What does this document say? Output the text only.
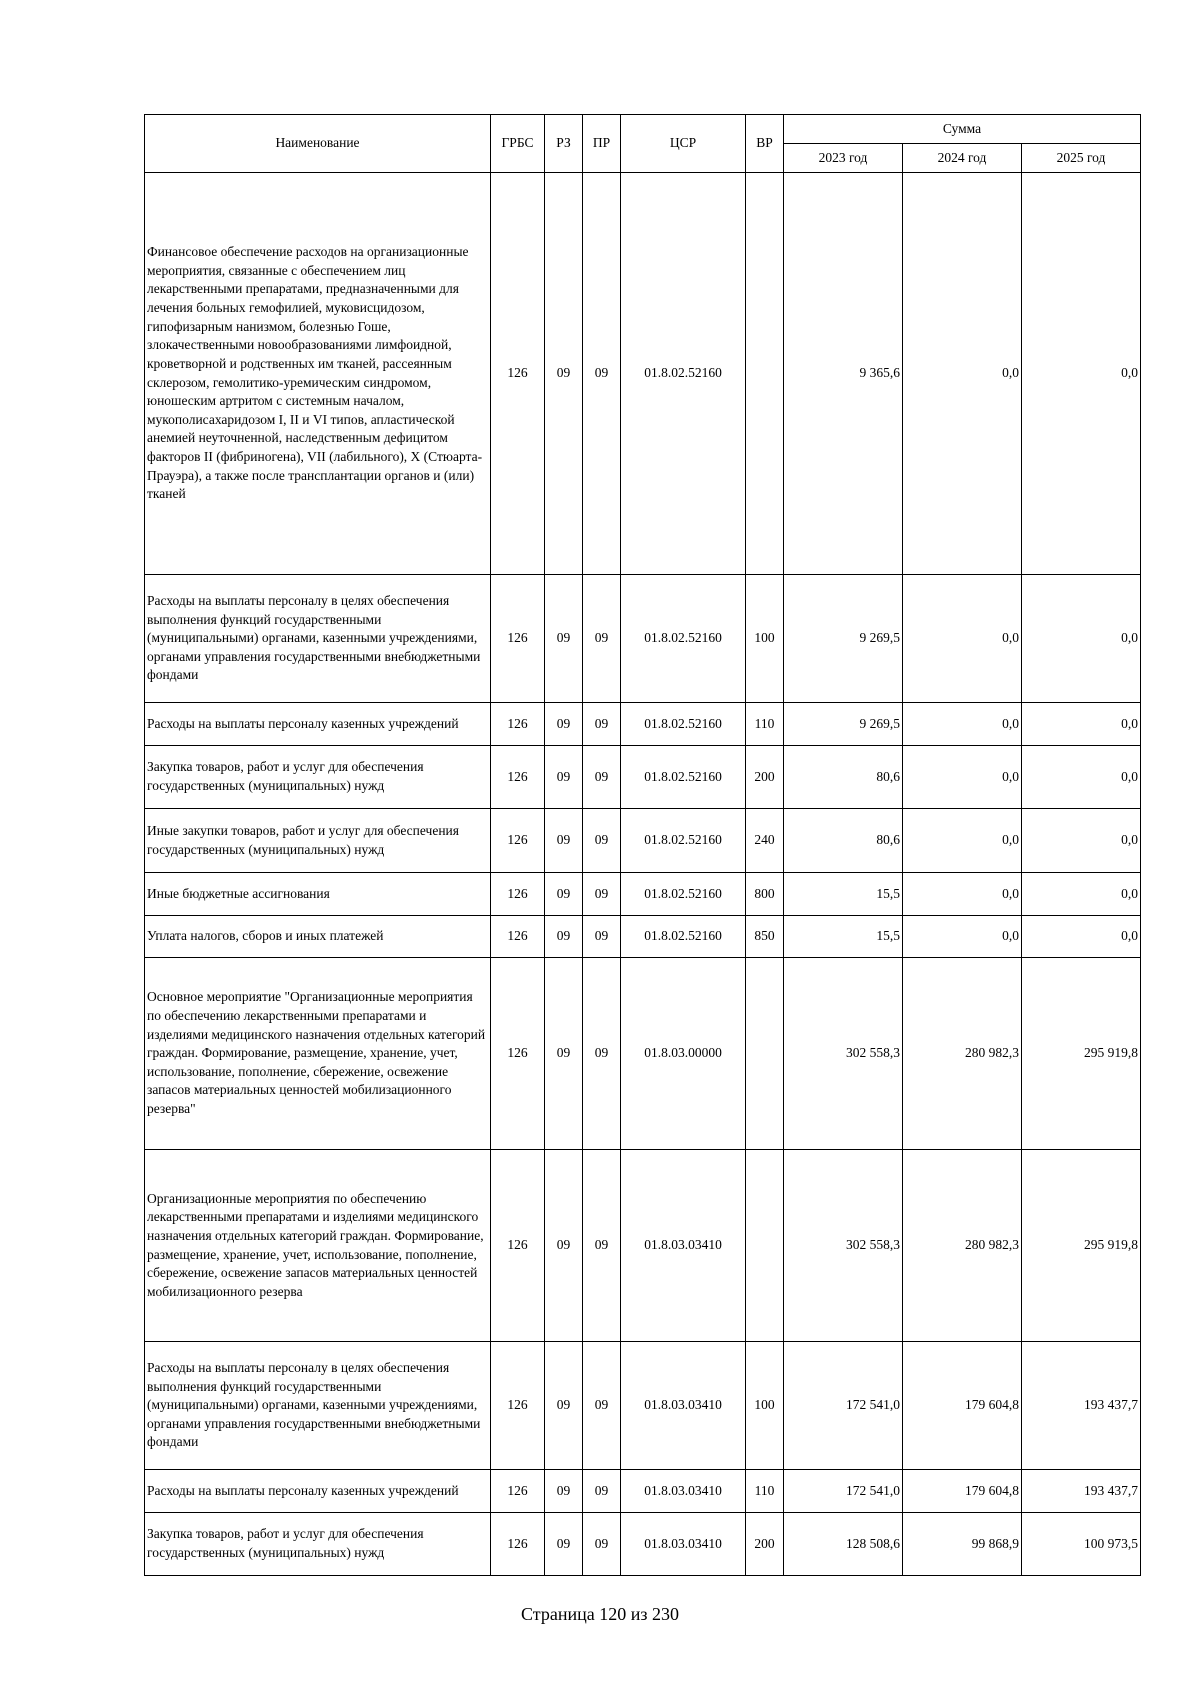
Наименование	ГРБС	РЗ	ПР	ЦСР	ВР	Сумма		
						2023 год	2024 год	2025 год
Финансовое обеспечение расходов на организационные мероприятия, связанные с обеспечением лиц лекарственными препаратами, предназначенными для лечения больных гемофилией, муковисцидозом, гипофизарным нанизмом, болезнью Гоше, злокачественными новообразованиями лимфоидной, кроветворной и родственных им тканей, рассеянным склерозом, гемолитико-уремическим синдромом, юношеским артритом с системным началом, мукополисахаридозом I, II и VI типов, апластической анемией неуточненной, наследственным дефицитом факторов II (фибриногена), VII (лабильного), X (Стюарта-Прауэра), а также после трансплантации органов и (или) тканей	126	09	09	01.8.02.52160		9 365,6	0,0	0,0
Расходы на выплаты персоналу в целях обеспечения выполнения функций государственными (муниципальными) органами, казенными учреждениями, органами управления государственными внебюджетными фондами	126	09	09	01.8.02.52160	100	9 269,5	0,0	0,0
Расходы на выплаты персоналу казенных учреждений	126	09	09	01.8.02.52160	110	9 269,5	0,0	0,0
Закупка товаров, работ и услуг для обеспечения государственных (муниципальных) нужд	126	09	09	01.8.02.52160	200	80,6	0,0	0,0
Иные закупки товаров, работ и услуг для обеспечения государственных (муниципальных) нужд	126	09	09	01.8.02.52160	240	80,6	0,0	0,0
Иные бюджетные ассигнования	126	09	09	01.8.02.52160	800	15,5	0,0	0,0
Уплата налогов, сборов и иных платежей	126	09	09	01.8.02.52160	850	15,5	0,0	0,0
Основное мероприятие "Организационные мероприятия по обеспечению лекарственными препаратами и изделиями медицинского назначения отдельных категорий граждан. Формирование, размещение, хранение, учет, использование, пополнение, сбережение, освежение запасов материальных ценностей мобилизационного резерва"	126	09	09	01.8.03.00000		302 558,3	280 982,3	295 919,8
Организационные мероприятия по обеспечению лекарственными препаратами и изделиями медицинского назначения отдельных категорий граждан. Формирование, размещение, хранение, учет, использование, пополнение, сбережение, освежение запасов материальных ценностей мобилизационного резерва	126	09	09	01.8.03.03410		302 558,3	280 982,3	295 919,8
Расходы на выплаты персоналу в целях обеспечения выполнения функций государственными (муниципальными) органами, казенными учреждениями, органами управления государственными внебюджетными фондами	126	09	09	01.8.03.03410	100	172 541,0	179 604,8	193 437,7
Расходы на выплаты персоналу казенных учреждений	126	09	09	01.8.03.03410	110	172 541,0	179 604,8	193 437,7
Закупка товаров, работ и услуг для обеспечения государственных (муниципальных) нужд	126	09	09	01.8.03.03410	200	128 508,6	99 868,9	100 973,5
Страница 120 из 230
